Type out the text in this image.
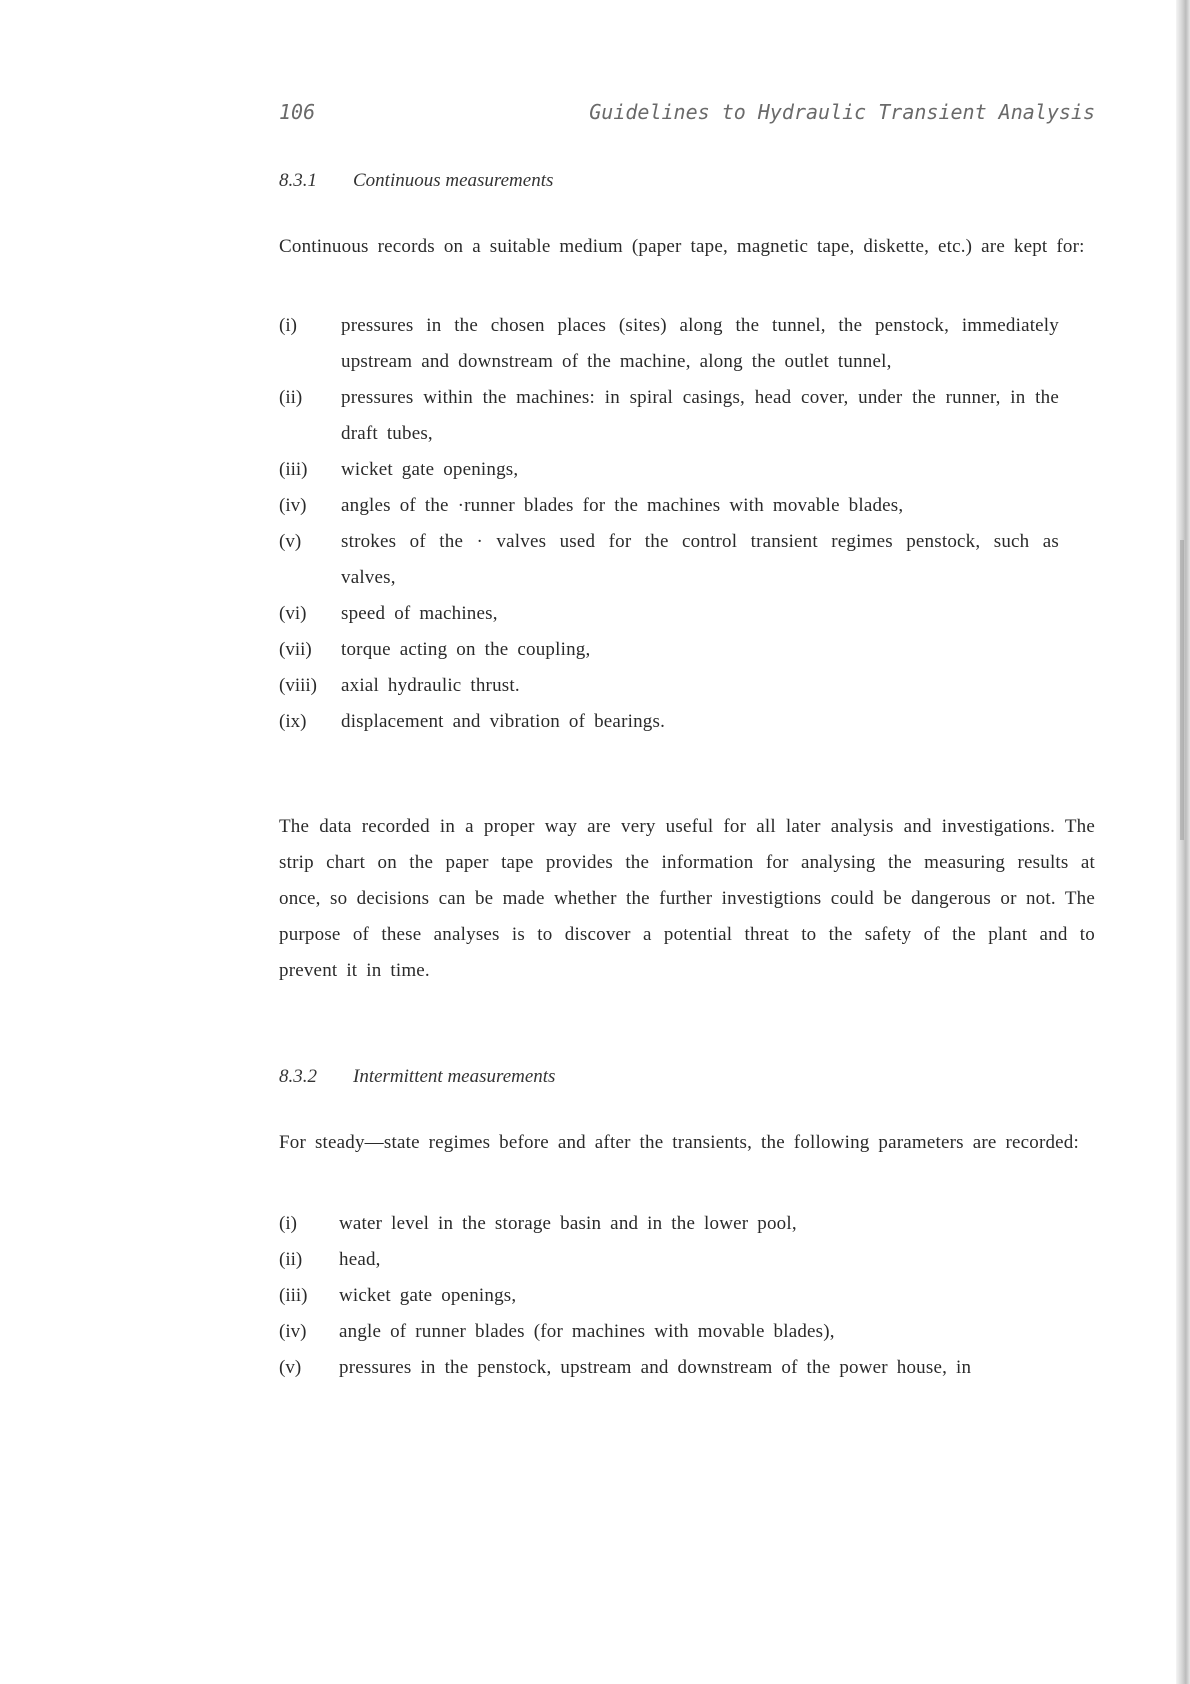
106	Guidelines to Hydraulic Transient Analysis
8.3.1 Continuous measurements
Continuous records on a suitable medium (paper tape, magnetic tape, diskette, etc.) are kept for:
(i) pressures in the chosen places (sites) along the tunnel, the penstock, immediately upstream and downstream of the machine, along the outlet tunnel,
(ii) pressures within the machines: in spiral casings, head cover, under the runner, in the draft tubes,
(iii) wicket gate openings,
(iv) angles of the ·runner blades for the machines with movable blades,
(v) strokes of the · valves used for the control transient regimes penstock, such as valves,
(vi) speed of machines,
(vii) torque acting on the coupling,
(viii) axial hydraulic thrust.
(ix) displacement and vibration of bearings.
The data recorded in a proper way are very useful for all later analysis and investigations. The strip chart on the paper tape provides the information for analysing the measuring results at once, so decisions can be made whether the further investigtions could be dangerous or not. The purpose of these analyses is to discover a potential threat to the safety of the plant and to prevent it in time.
8.3.2 Intermittent measurements
For steady—state regimes before and after the transients, the following parameters are recorded:
(i) water level in the storage basin and in the lower pool,
(ii) head,
(iii) wicket gate openings,
(iv) angle of runner blades (for machines with movable blades),
(v) pressures in the penstock, upstream and downstream of the power house, in
